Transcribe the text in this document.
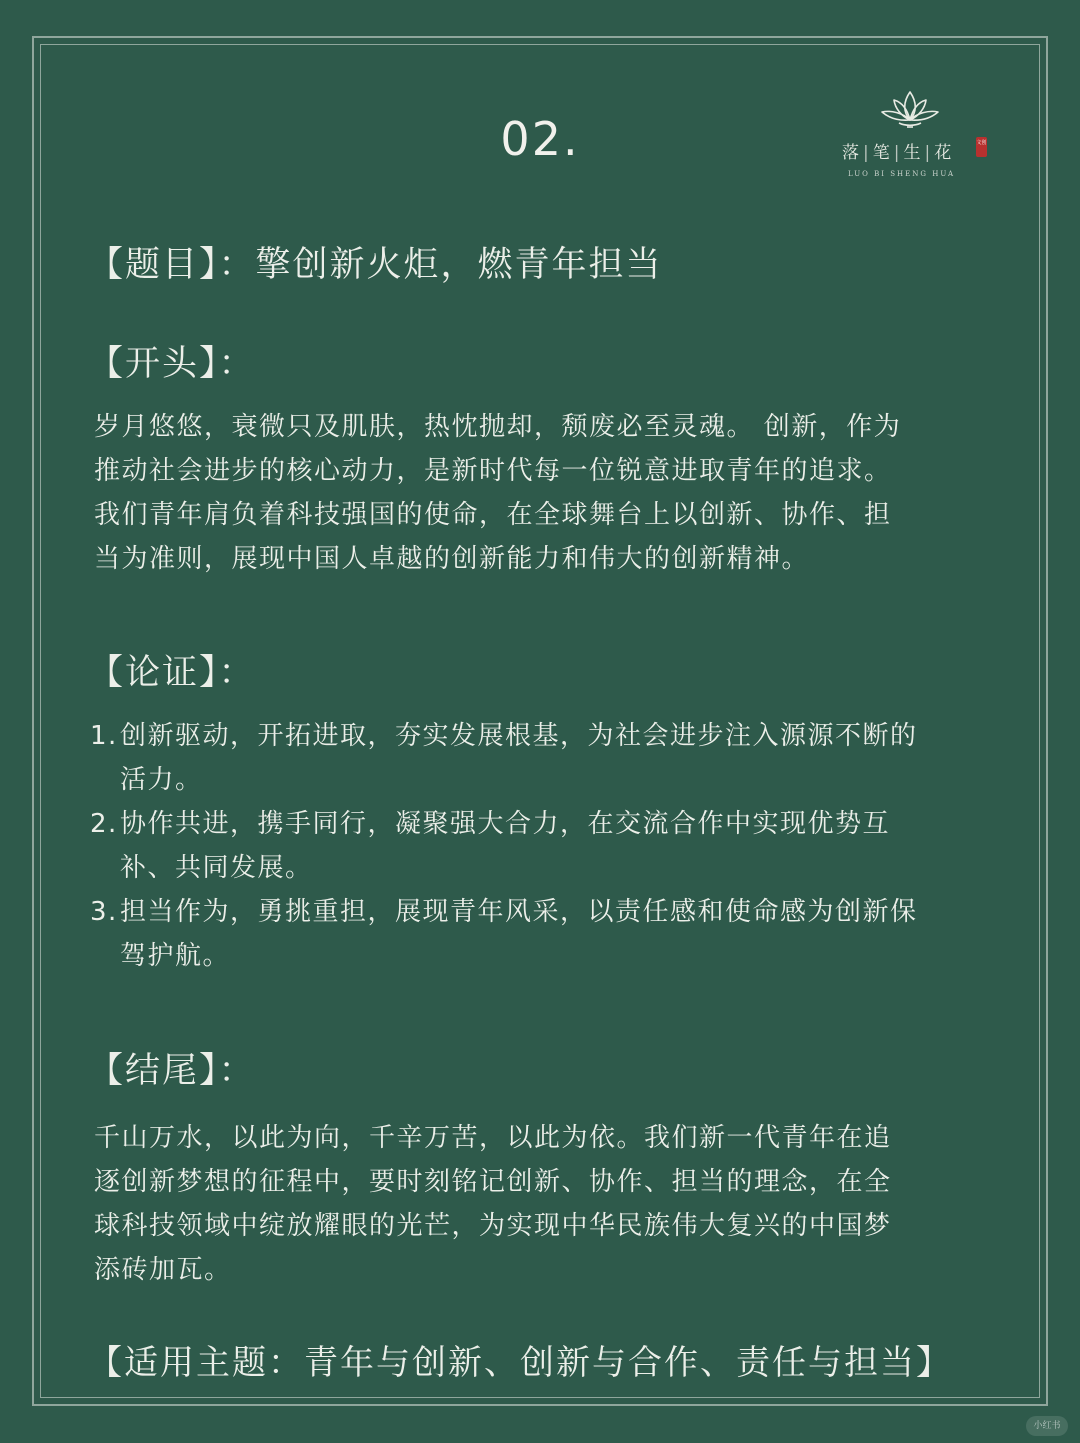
02.	落 | 笔 | 生 | 花	文创
LUO BI SHENG HUA
【题目】：擎创新火炬，燃青年担当
【开头】：
岁月悠悠，衰微只及肌肤，热忱抛却，颓废必至灵魂。 创新，作为
推动社会进步的核心动力，是新时代每一位锐意进取青年的追求。
我们青年肩负着科技强国的使命，在全球舞台上以创新、协作、担
当为准则，展现中国人卓越的创新能力和伟大的创新精神。
【论证】：
1. 创新驱动，开拓进取，夯实发展根基，为社会进步注入源源不断的
活力。
2. 协作共进，携手同行，凝聚强大合力，在交流合作中实现优势互
补、共同发展。
3. 担当作为，勇挑重担，展现青年风采，以责任感和使命感为创新保
驾护航。
【结尾】：
千山万水，以此为向，千辛万苦，以此为依。我们新一代青年在追
逐创新梦想的征程中，要时刻铭记创新、协作、担当的理念，在全
球科技领域中绽放耀眼的光芒，为实现中华民族伟大复兴的中国梦
添砖加瓦。
【适用主题：青年与创新、创新与合作、责任与担当】
小红书
